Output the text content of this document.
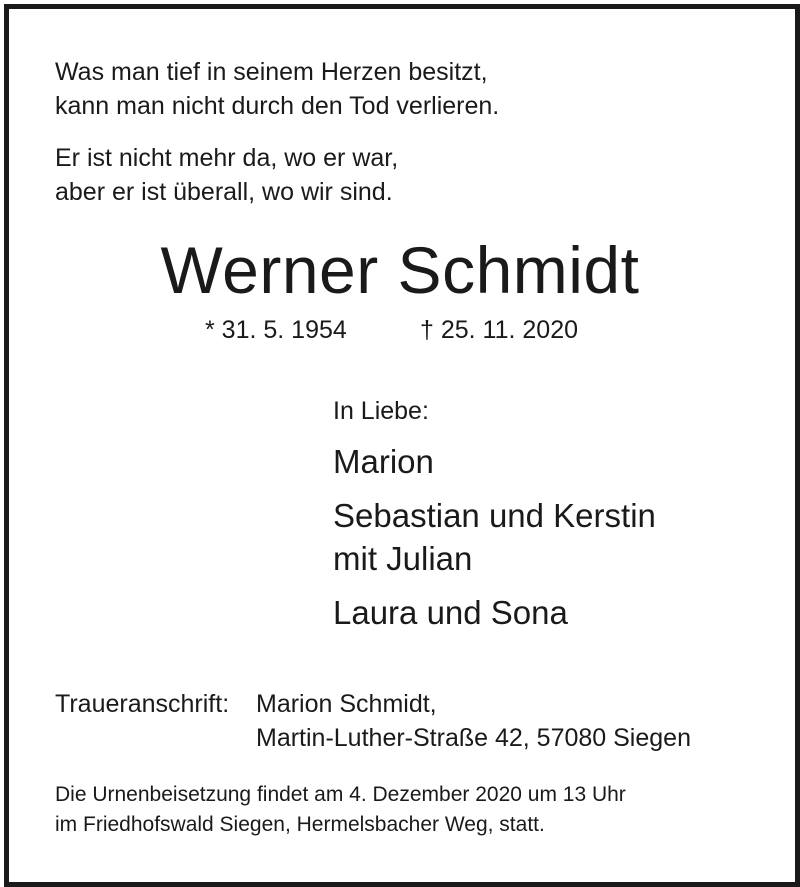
Was man tief in seinem Herzen besitzt,
kann man nicht durch den Tod verlieren.
Er ist nicht mehr da, wo er war,
aber er ist überall, wo wir sind.
Werner Schmidt
* 31. 5. 1954	† 25. 11. 2020
In Liebe:
Marion
Sebastian und Kerstin
mit Julian
Laura und Sona
Traueranschrift: Marion Schmidt,
Martin-Luther-Straße 42, 57080 Siegen
Die Urnenbeisetzung findet am 4. Dezember 2020 um 13 Uhr
im Friedhofswald Siegen, Hermelsbacher Weg, statt.
